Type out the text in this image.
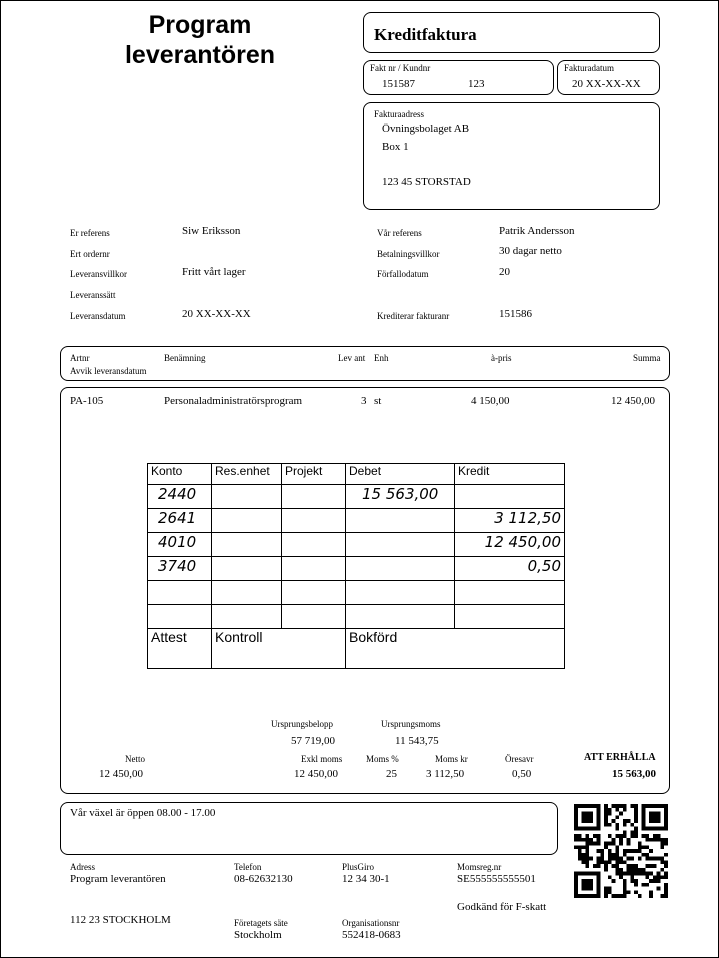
Program
leverantören
Kreditfaktura
Fakt nr / Kundnr
151587	123
Fakturadatum
20 XX-XX-XX
Fakturaadress
Övningsbolaget AB
Box 1
123 45 STORSTAD
Er referens	Siw Eriksson
Ert ordernr
Leveransvillkor	Fritt vårt lager
Leveranssätt
Leveransdatum	20 XX-XX-XX
Vår referens	Patrik Andersson
Betalningsvillkor	30 dagar netto
Förfallodatum	20
Krediterar fakturanr	151586
Artnr	Benämning	Lev ant Enh	à-pris	Summa
Avvik leveransdatum
PA-105	Personaladministratörsprogram	3 st	4 150,00	12 450,00
Ursprungsbelopp
57 719,00
Ursprungsmoms
11 543,75
Netto
12 450,00
Exkl moms
12 450,00
Moms %
25
Moms kr
3 112,50
Öresavr
0,50
ATT ERHÅLLA
15 563,00
Konto	Res.enhet	Projekt	Debet	Kredit
2440			15 563,00	
2641				3 112,50
4010				12 450,00
3740				0,50

Attest	Kontroll		Bokförd	
Vår växel är öppen 08.00 - 17.00
Adress
Program leverantören
112 23 STOCKHOLM
Telefon
08-62632130
Företagets säte
Stockholm
PlusGiro
12 34 30-1
Organisationsnr
552418-0683
Momsreg.nr
SE555555555501
Godkänd för F-skatt
